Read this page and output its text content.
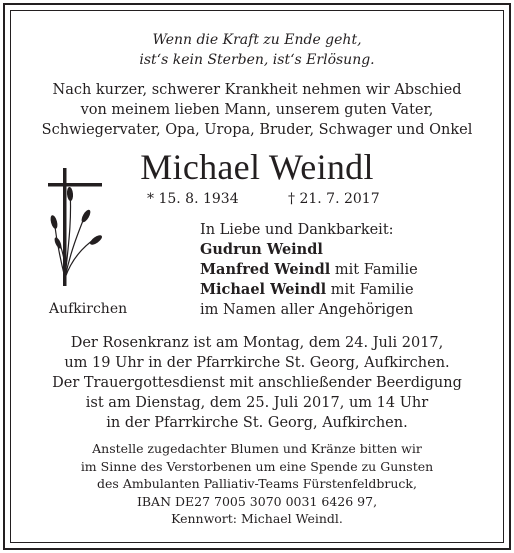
Wenn die Kraft zu Ende geht,
ist‘s kein Sterben, ist‘s Erlösung.
Nach kurzer, schwerer Krankheit nehmen wir Abschied
von meinem lieben Mann, unserem guten Vater,
Schwiegervater, Opa, Uropa, Bruder, Schwager und Onkel
Michael Weindl
* 15. 8. 1934	† 21. 7. 2017
In Liebe und Dankbarkeit:
Gudrun Weindl
Manfred Weindl mit Familie
Michael Weindl mit Familie
im Namen aller Angehörigen
Aufkirchen
Der Rosenkranz ist am Montag, dem 24. Juli 2017,
um 19 Uhr in der Pfarrkirche St. Georg, Aufkirchen.
Der Trauergottesdienst mit anschließender Beerdigung
ist am Dienstag, dem 25. Juli 2017, um 14 Uhr
in der Pfarrkirche St. Georg, Aufkirchen.
Anstelle zugedachter Blumen und Kränze bitten wir
im Sinne des Verstorbenen um eine Spende zu Gunsten
des Ambulanten Palliativ-Teams Fürstenfeldbruck,
IBAN DE27 7005 3070 0031 6426 97,
Kennwort: Michael Weindl.
